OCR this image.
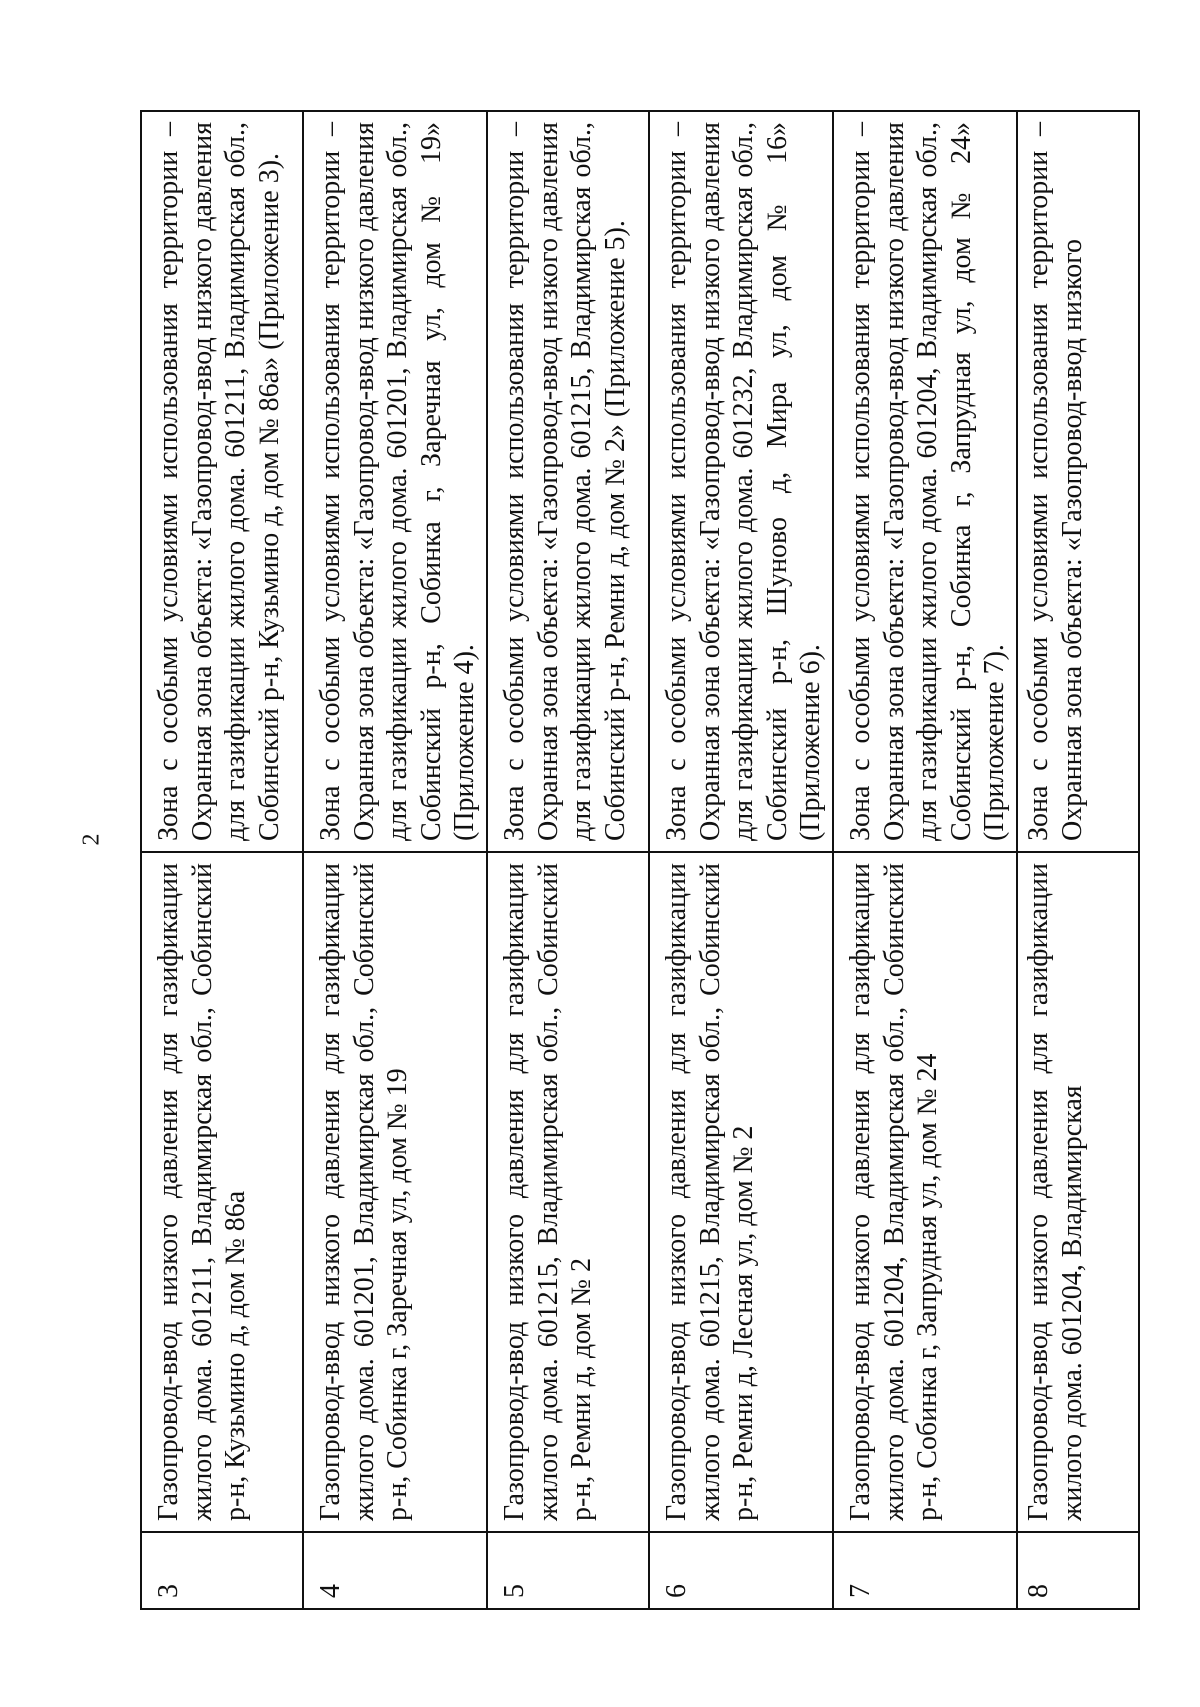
2
3	Газопровод-ввод низкого давления для газификации жилого дома. 601211, Владимирская обл., Собинский р-н, Кузьмино д, дом № 86а	Зона с особыми условиями использования территории – Охранная зона объекта: «Газопровод-ввод низкого давления для газификации жилого дома. 601211, Владимирская обл., Собинский р-н, Кузьмино д, дом № 86а» (Приложение 3).
4	Газопровод-ввод низкого давления для газификации жилого дома. 601201, Владимирская обл., Собинский р-н, Собинка г, Заречная ул, дом № 19	Зона с особыми условиями использования территории – Охранная зона объекта: «Газопровод-ввод низкого давления для газификации жилого дома. 601201, Владимирская обл., Собинский р-н, Собинка г, Заречная ул, дом № 19» (Приложение 4).
5	Газопровод-ввод низкого давления для газификации жилого дома. 601215, Владимирская обл., Собинский р-н, Ремни д, дом № 2	Зона с особыми условиями использования территории – Охранная зона объекта: «Газопровод-ввод низкого давления для газификации жилого дома. 601215, Владимирская обл., Собинский р-н, Ремни д, дом № 2» (Приложение 5).
6	Газопровод-ввод низкого давления для газификации жилого дома. 601215, Владимирская обл., Собинский р-н, Ремни д, Лесная ул, дом № 2	Зона с особыми условиями использования территории – Охранная зона объекта: «Газопровод-ввод низкого давления для газификации жилого дома. 601232, Владимирская обл., Собинский р-н, Шуново д, Мира ул, дом № 16» (Приложение 6).
7	Газопровод-ввод низкого давления для газификации жилого дома. 601204, Владимирская обл., Собинский р-н, Собинка г, Запрудная ул, дом № 24	Зона с особыми условиями использования территории – Охранная зона объекта: «Газопровод-ввод низкого давления для газификации жилого дома. 601204, Владимирская обл., Собинский р-н, Собинка г, Запрудная ул, дом № 24» (Приложение 7).
8	Газопровод-ввод низкого давления для газификации жилого дома. 601204, Владимирская	Зона с особыми условиями использования территории – Охранная зона объекта: «Газопровод-ввод низкого
